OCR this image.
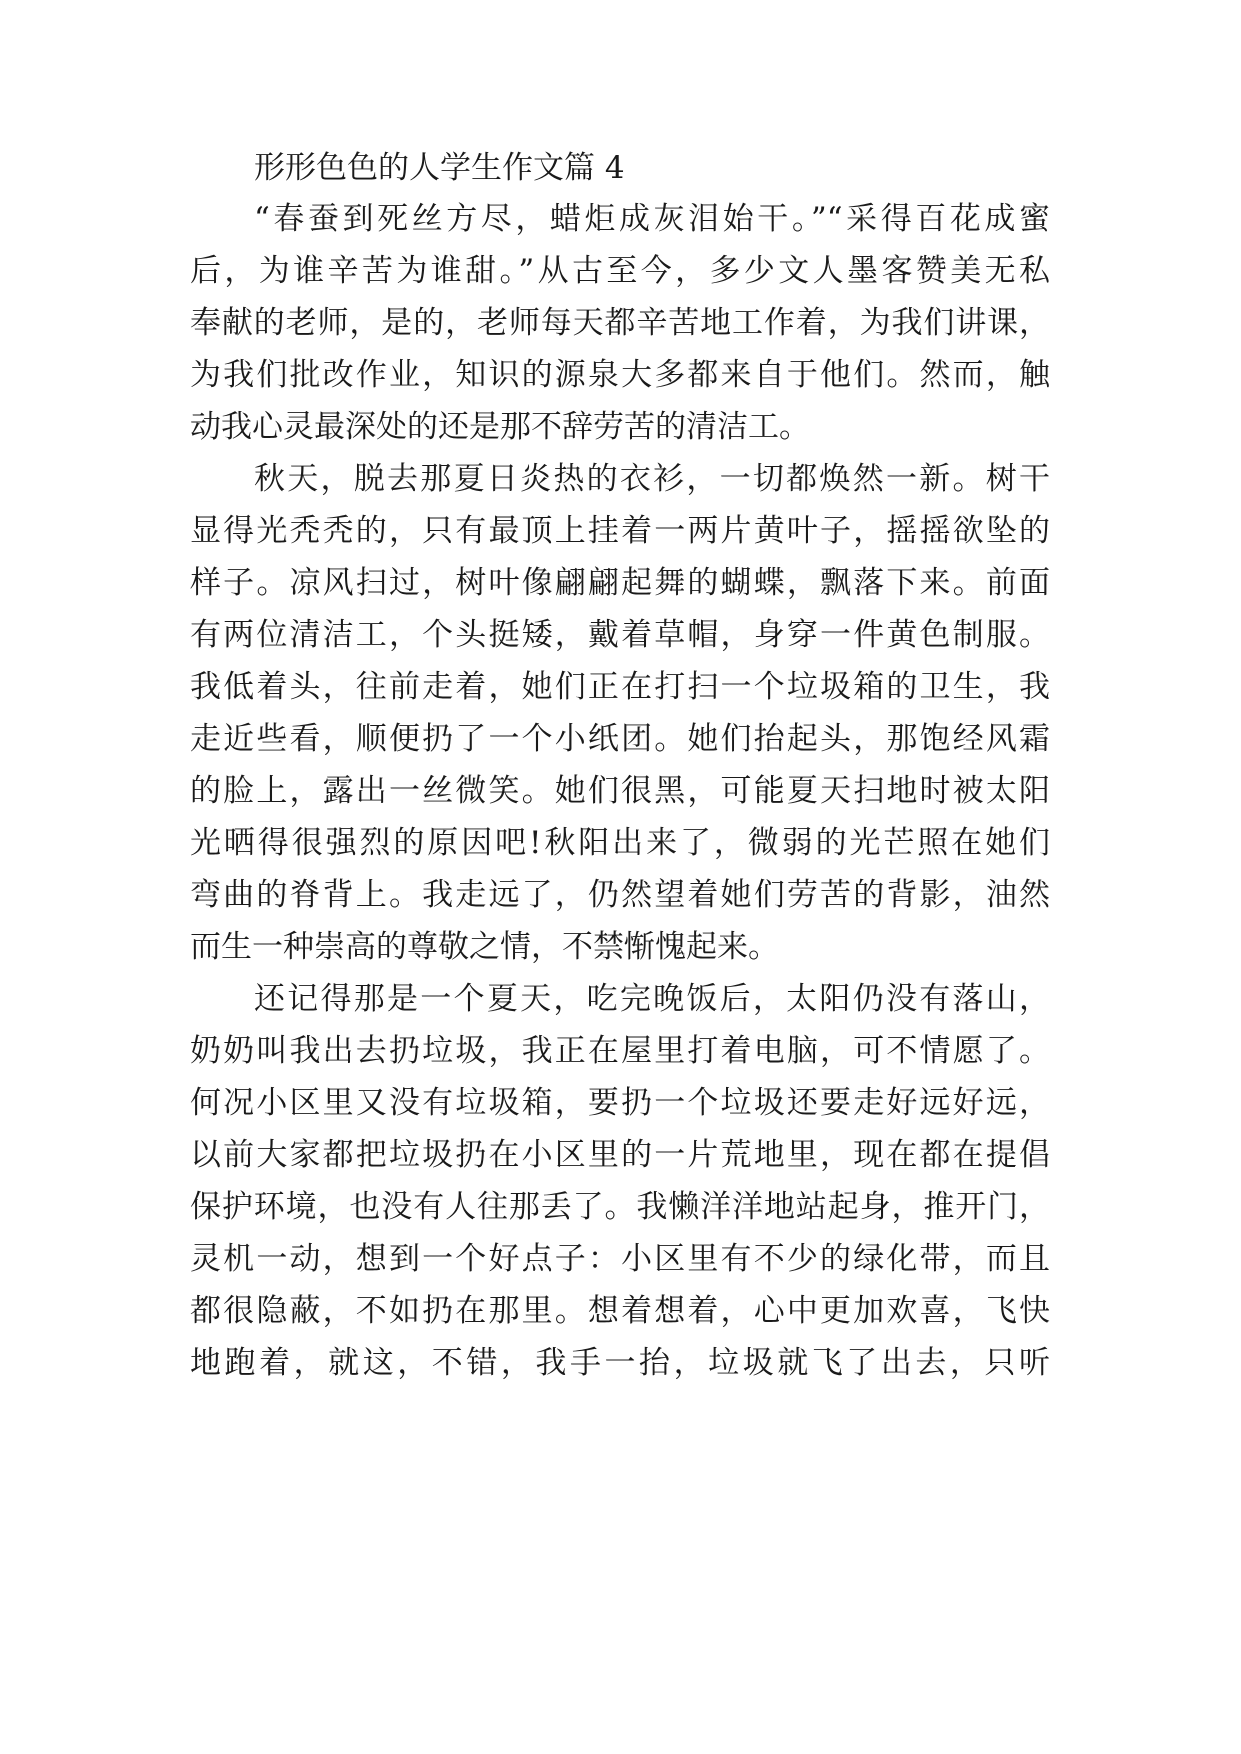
形形色色的人学生作文篇 4
“春蚕到死丝方尽，蜡炬成灰泪始干。”“采得百花成蜜
后，为谁辛苦为谁甜。”从古至今，多少文人墨客赞美无私
奉献的老师，是的，老师每天都辛苦地工作着，为我们讲课，
为我们批改作业，知识的源泉大多都来自于他们。然而，触
动我心灵最深处的还是那不辞劳苦的清洁工。
秋天，脱去那夏日炎热的衣衫，一切都焕然一新。树干
显得光秃秃的，只有最顶上挂着一两片黄叶子，摇摇欲坠的
样子。凉风扫过，树叶像翩翩起舞的蝴蝶，飘落下来。前面
有两位清洁工，个头挺矮，戴着草帽，身穿一件黄色制服。
我低着头，往前走着，她们正在打扫一个垃圾箱的卫生，我
走近些看，顺便扔了一个小纸团。她们抬起头，那饱经风霜
的脸上，露出一丝微笑。她们很黑，可能夏天扫地时被太阳
光晒得很强烈的原因吧!秋阳出来了，微弱的光芒照在她们
弯曲的脊背上。我走远了，仍然望着她们劳苦的背影，油然
而生一种崇高的尊敬之情，不禁惭愧起来。
还记得那是一个夏天，吃完晚饭后，太阳仍没有落山，
奶奶叫我出去扔垃圾，我正在屋里打着电脑，可不情愿了。
何况小区里又没有垃圾箱，要扔一个垃圾还要走好远好远，
以前大家都把垃圾扔在小区里的一片荒地里，现在都在提倡
保护环境，也没有人往那丢了。我懒洋洋地站起身，推开门，
灵机一动，想到一个好点子：小区里有不少的绿化带，而且
都很隐蔽，不如扔在那里。想着想着，心中更加欢喜，飞快
地跑着，就这，不错，我手一抬，垃圾就飞了出去，只听
